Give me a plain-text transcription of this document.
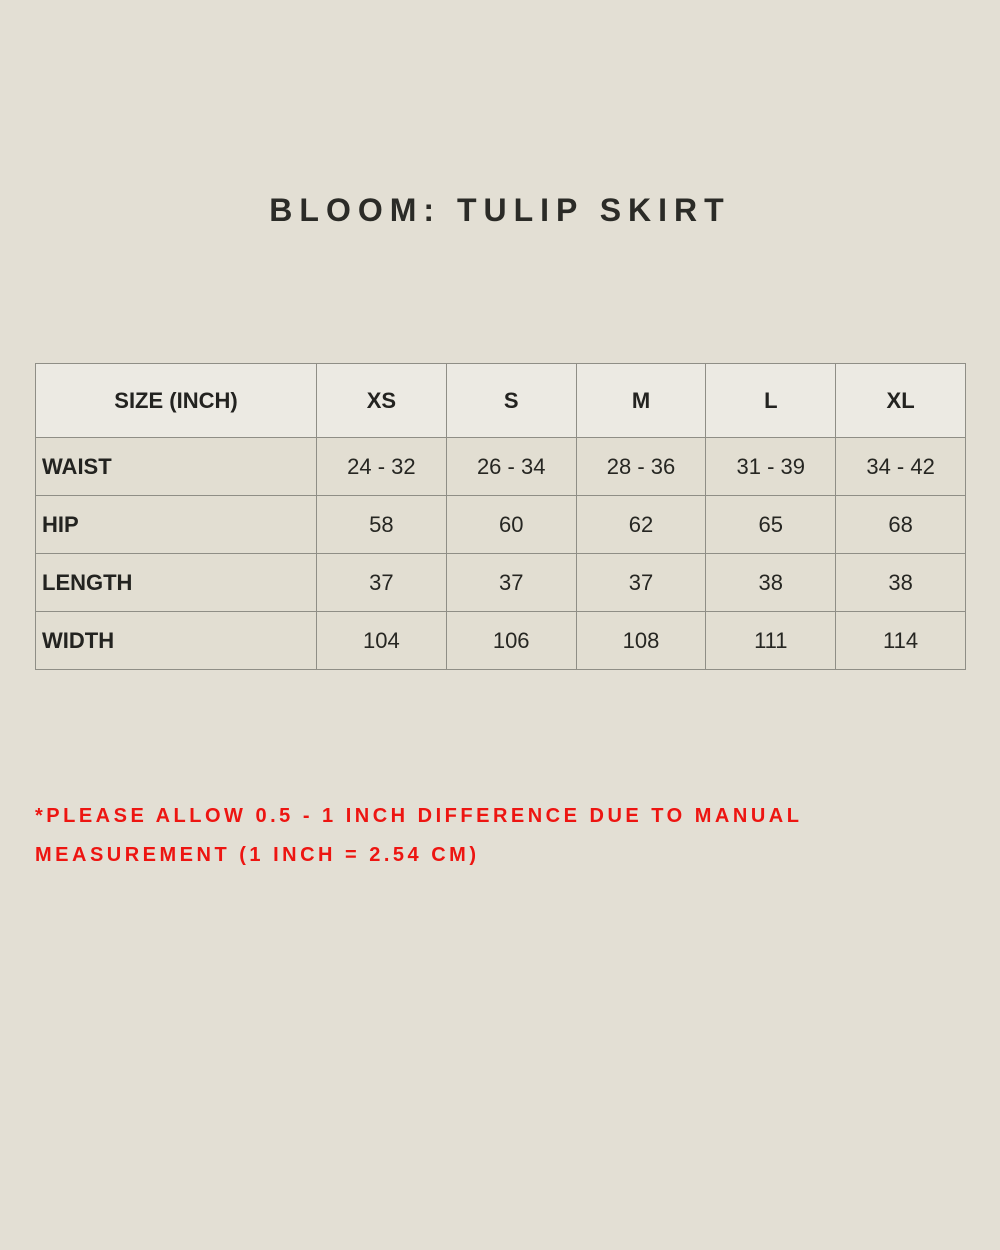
BLOOM: TULIP SKIRT
SIZE (INCH)	XS	S	M	L	XL
WAIST	24 - 32	26 - 34	28 - 36	31 - 39	34 - 42
HIP	58	60	62	65	68
LENGTH	37	37	37	38	38
WIDTH	104	106	108	111	114
*PLEASE ALLOW 0.5 - 1 INCH DIFFERENCE DUE TO MANUAL
MEASUREMENT (1 INCH = 2.54 CM)
